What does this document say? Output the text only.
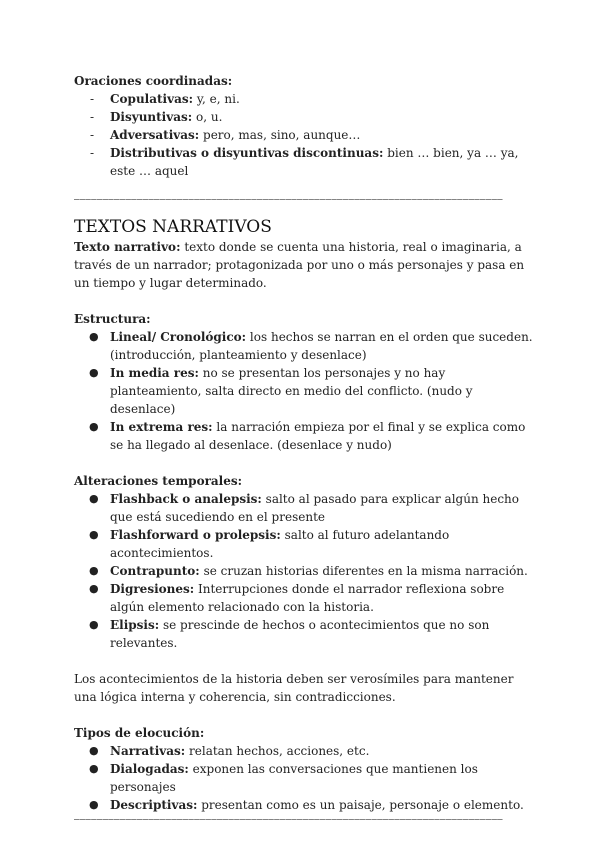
Oraciones coordinadas:
- Copulativas: y, e, ni.
- Disyuntivas: o, u.
- Adversativas: pero, mas, sino, aunque…
- Distributivas o disyuntivas discontinuas: bien … bien, ya … ya, este … aquel
———————————————————————————————————————————————————————————————————————————
TEXTOS NARRATIVOS
Texto narrativo: texto donde se cuenta una historia, real o imaginaria, a través de un narrador; protagonizada por uno o más personajes y pasa en un tiempo y lugar determinado.
Estructura:
● Lineal/ Cronológico: los hechos se narran en el orden que suceden. (introducción, planteamiento y desenlace)
● In media res: no se presentan los personajes y no hay planteamiento, salta directo en medio del conflicto. (nudo y desenlace)
● In extrema res: la narración empieza por el final y se explica como se ha llegado al desenlace. (desenlace y nudo)
Alteraciones temporales:
● Flashback o analepsis: salto al pasado para explicar algún hecho que está sucediendo en el presente
● Flashforward o prolepsis: salto al futuro adelantando acontecimientos.
● Contrapunto: se cruzan historias diferentes en la misma narración.
● Digresiones: Interrupciones donde el narrador reflexiona sobre algún elemento relacionado con la historia.
● Elipsis: se prescinde de hechos o acontecimientos que no son relevantes.
Los acontecimientos de la historia deben ser verosímiles para mantener una lógica interna y coherencia, sin contradicciones.
Tipos de elocución:
● Narrativas: relatan hechos, acciones, etc.
● Dialogadas: exponen las conversaciones que mantienen los personajes
● Descriptivas: presentan como es un paisaje, personaje o elemento.
———————————————————————————————————————————————————————————————————————————
